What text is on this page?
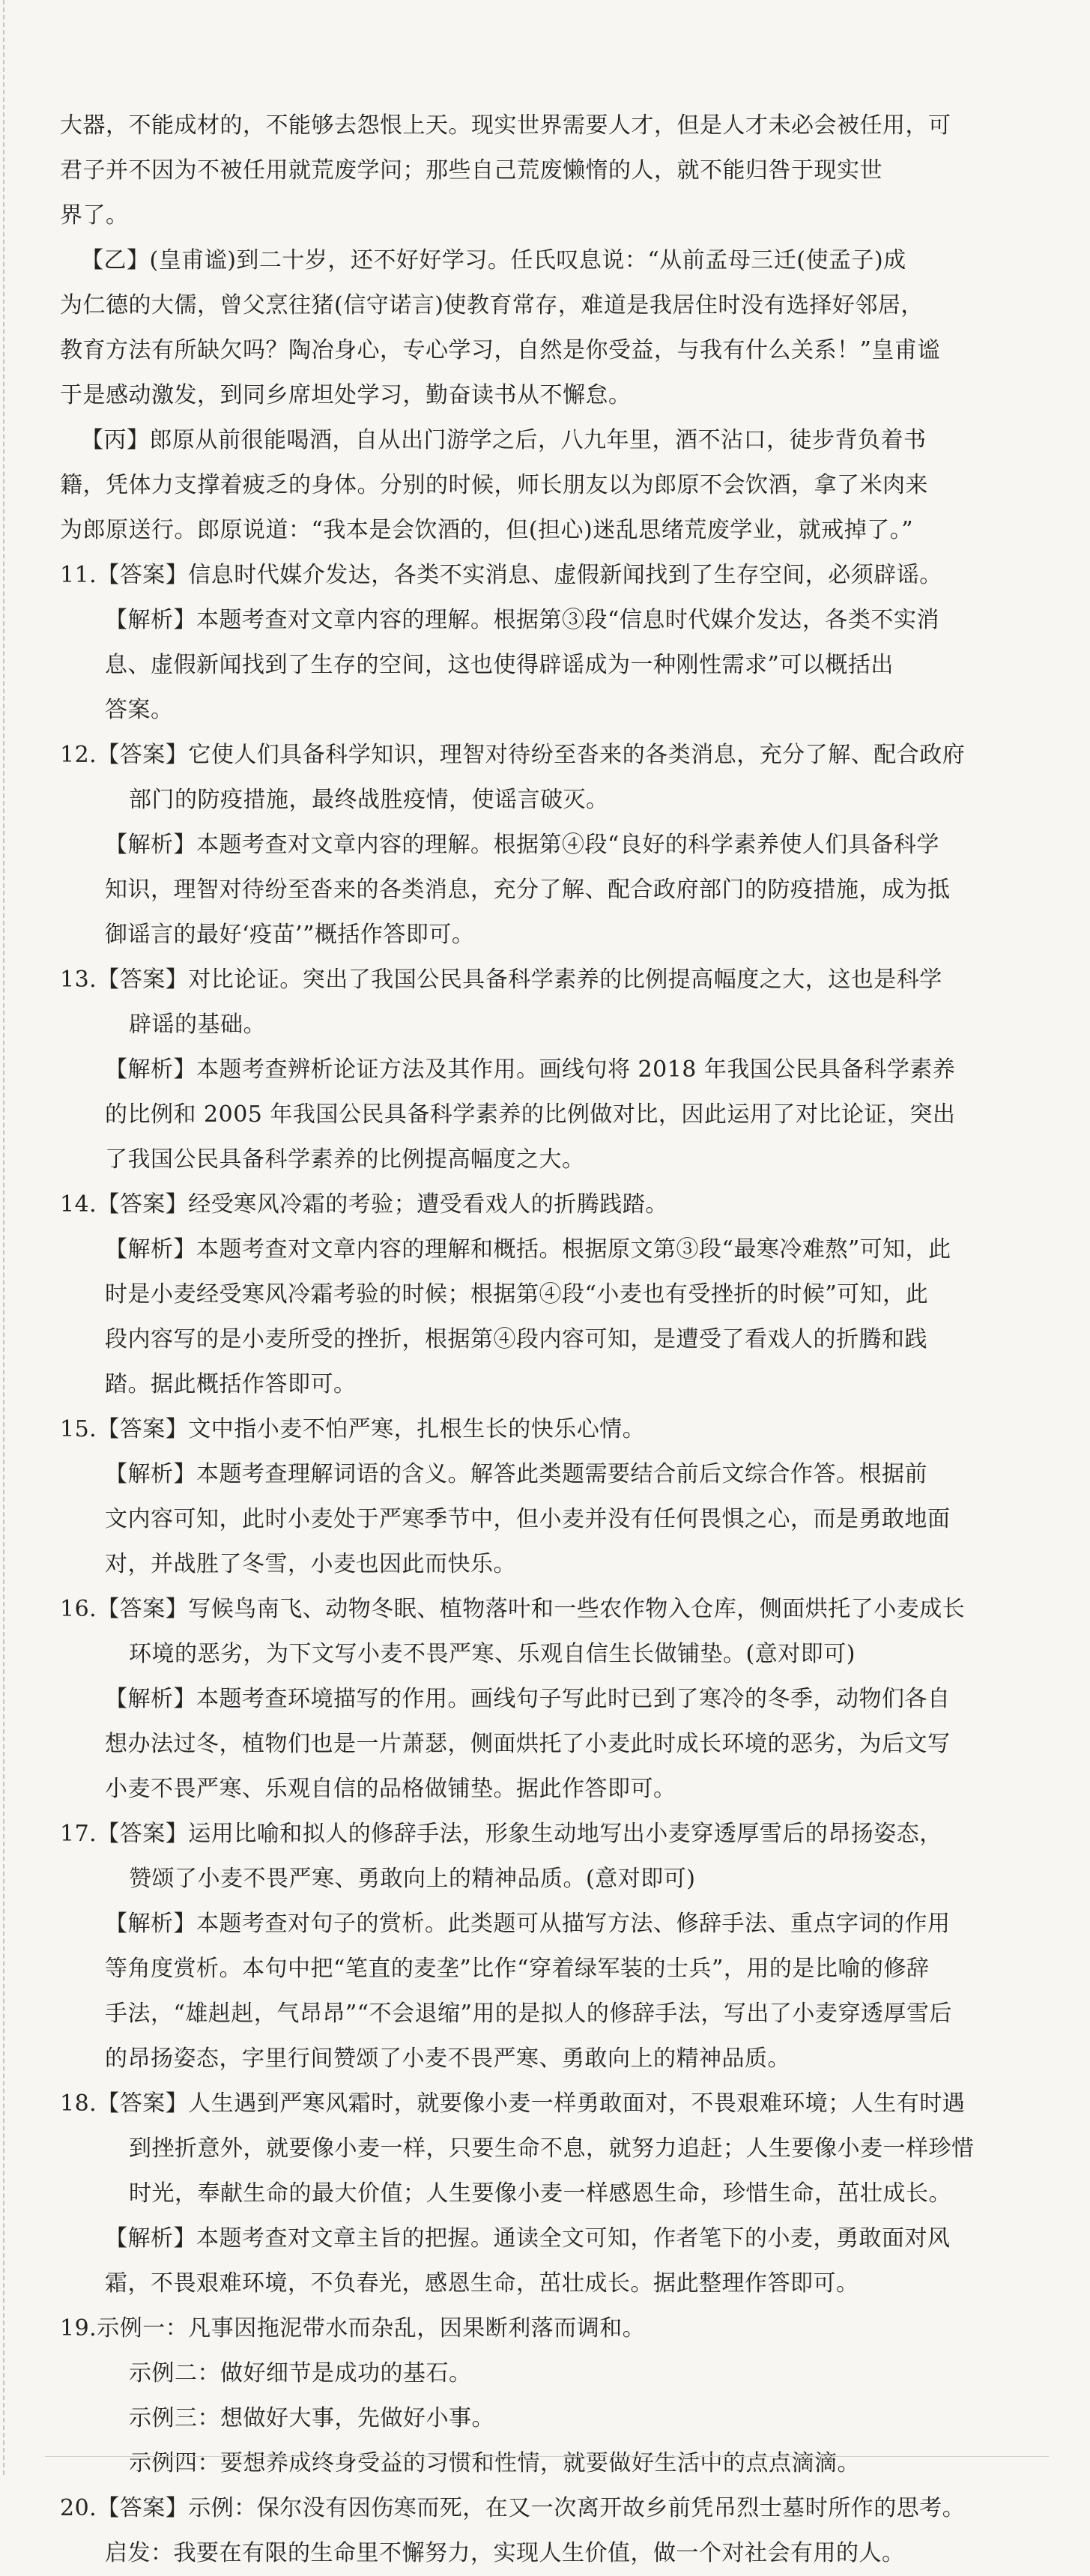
大器，不能成材的，不能够去怨恨上天。现实世界需要人才，但是人才未必会被任用，可
君子并不因为不被任用就荒废学问；那些自己荒废懒惰的人，就不能归咎于现实世
界了。
【乙】(皇甫谧)到二十岁，还不好好学习。任氏叹息说：“从前孟母三迁(使孟子)成
为仁德的大儒，曾父烹往猪(信守诺言)使教育常存，难道是我居住时没有选择好邻居，
教育方法有所缺欠吗？陶冶身心，专心学习，自然是你受益，与我有什么关系！”皇甫谧
于是感动激发，到同乡席坦处学习，勤奋读书从不懈怠。
【丙】郎原从前很能喝酒，自从出门游学之后，八九年里，酒不沾口，徒步背负着书
籍，凭体力支撑着疲乏的身体。分别的时候，师长朋友以为郎原不会饮酒，拿了米肉来
为郎原送行。郎原说道：“我本是会饮酒的，但(担心)迷乱思绪荒废学业，就戒掉了。”
11.【答案】信息时代媒介发达，各类不实消息、虚假新闻找到了生存空间，必须辟谣。
【解析】本题考查对文章内容的理解。根据第③段“信息时代媒介发达，各类不实消
息、虚假新闻找到了生存的空间，这也使得辟谣成为一种刚性需求”可以概括出
答案。
12.【答案】它使人们具备科学知识，理智对待纷至沓来的各类消息，充分了解、配合政府
部门的防疫措施，最终战胜疫情，使谣言破灭。
【解析】本题考查对文章内容的理解。根据第④段“良好的科学素养使人们具备科学
知识，理智对待纷至沓来的各类消息，充分了解、配合政府部门的防疫措施，成为抵
御谣言的最好‘疫苗’”概括作答即可。
13.【答案】对比论证。突出了我国公民具备科学素养的比例提高幅度之大，这也是科学
辟谣的基础。
【解析】本题考查辨析论证方法及其作用。画线句将 2018 年我国公民具备科学素养
的比例和 2005 年我国公民具备科学素养的比例做对比，因此运用了对比论证，突出
了我国公民具备科学素养的比例提高幅度之大。
14.【答案】经受寒风冷霜的考验；遭受看戏人的折腾践踏。
【解析】本题考查对文章内容的理解和概括。根据原文第③段“最寒冷难熬”可知，此
时是小麦经受寒风冷霜考验的时候；根据第④段“小麦也有受挫折的时候”可知，此
段内容写的是小麦所受的挫折，根据第④段内容可知，是遭受了看戏人的折腾和践
踏。据此概括作答即可。
15.【答案】文中指小麦不怕严寒，扎根生长的快乐心情。
【解析】本题考查理解词语的含义。解答此类题需要结合前后文综合作答。根据前
文内容可知，此时小麦处于严寒季节中，但小麦并没有任何畏惧之心，而是勇敢地面
对，并战胜了冬雪，小麦也因此而快乐。
16.【答案】写候鸟南飞、动物冬眠、植物落叶和一些农作物入仓库，侧面烘托了小麦成长
环境的恶劣，为下文写小麦不畏严寒、乐观自信生长做铺垫。(意对即可)
【解析】本题考查环境描写的作用。画线句子写此时已到了寒冷的冬季，动物们各自
想办法过冬，植物们也是一片萧瑟，侧面烘托了小麦此时成长环境的恶劣，为后文写
小麦不畏严寒、乐观自信的品格做铺垫。据此作答即可。
17.【答案】运用比喻和拟人的修辞手法，形象生动地写出小麦穿透厚雪后的昂扬姿态，
赞颂了小麦不畏严寒、勇敢向上的精神品质。(意对即可)
【解析】本题考查对句子的赏析。此类题可从描写方法、修辞手法、重点字词的作用
等角度赏析。本句中把“笔直的麦垄”比作“穿着绿军装的士兵”，用的是比喻的修辞
手法，“雄赳赳，气昂昂”“不会退缩”用的是拟人的修辞手法，写出了小麦穿透厚雪后
的昂扬姿态，字里行间赞颂了小麦不畏严寒、勇敢向上的精神品质。
18.【答案】人生遇到严寒风霜时，就要像小麦一样勇敢面对，不畏艰难环境；人生有时遇
到挫折意外，就要像小麦一样，只要生命不息，就努力追赶；人生要像小麦一样珍惜
时光，奉献生命的最大价值；人生要像小麦一样感恩生命，珍惜生命，茁壮成长。
【解析】本题考查对文章主旨的把握。通读全文可知，作者笔下的小麦，勇敢面对风
霜，不畏艰难环境，不负春光，感恩生命，茁壮成长。据此整理作答即可。
19.示例一：凡事因拖泥带水而杂乱，因果断利落而调和。
示例二：做好细节是成功的基石。
示例三：想做好大事，先做好小事。
示例四：要想养成终身受益的习惯和性情，就要做好生活中的点点滴滴。
20.【答案】示例：保尔没有因伤寒而死，在又一次离开故乡前凭吊烈士墓时所作的思考。
启发：我要在有限的生命里不懈努力，实现人生价值，做一个对社会有用的人。
